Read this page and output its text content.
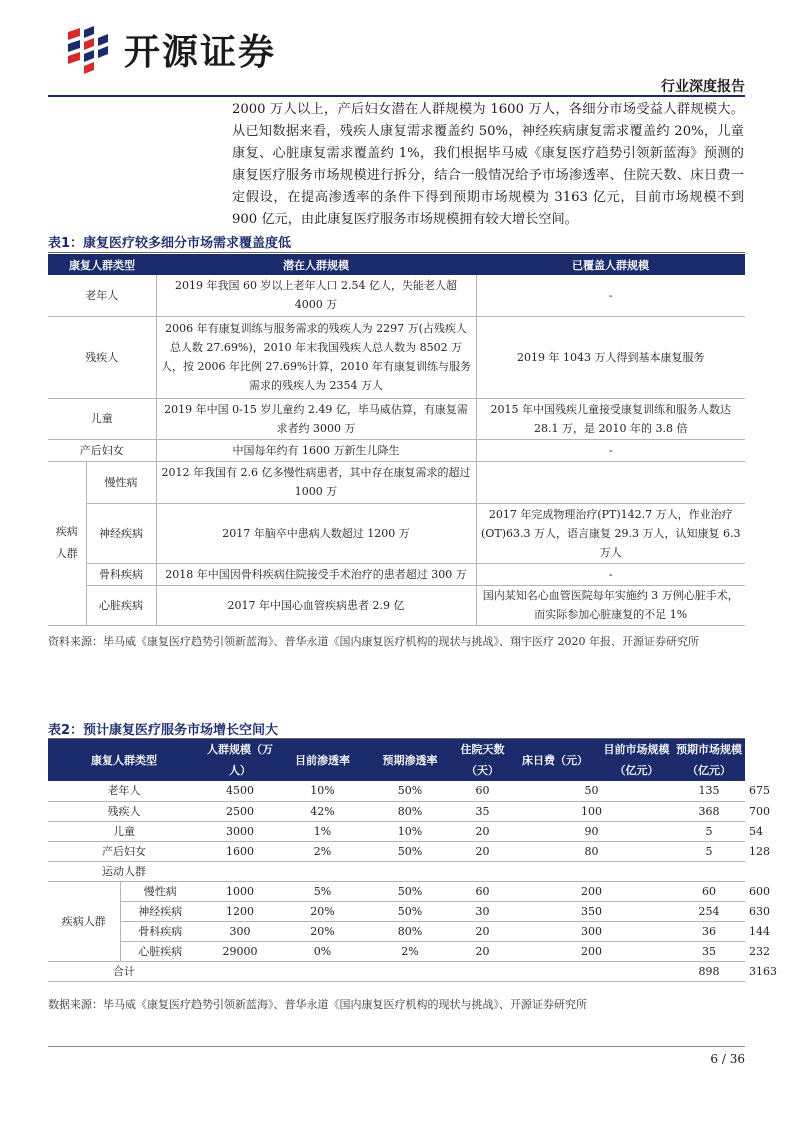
开源证券
行业深度报告

2000 万人以上，产后妇女潜在人群规模为 1600 万人，各细分市场受益人群规模大。从已知数据来看，残疾人康复需求覆盖约 50%，神经疾病康复需求覆盖约 20%，儿童康复、心脏康复需求覆盖约 1%，我们根据毕马威《康复医疗趋势引领新蓝海》预测的康复医疗服务市场规模进行拆分，结合一般情况给予市场渗透率、住院天数、床日费一定假设，在提高渗透率的条件下得到预期市场规模为 3163 亿元，目前市场规模不到 900 亿元，由此康复医疗服务市场规模拥有较大增长空间。

表1：康复医疗较多细分市场需求覆盖度低
康复人群类型		潜在人群规模	已覆盖人群规模
老年人		2019 年我国 60 岁以上老年人口 2.54 亿人，失能老人超 4000 万	-
残疾人		2006 年有康复训练与服务需求的残疾人为 2297 万(占残疾人总人数 27.69%)，2010 年末我国残疾人总人数为 8502 万人，按 2006 年比例 27.69%计算，2010 年有康复训练与服务需求的残疾人为 2354 万人	2019 年 1043 万人得到基本康复服务
儿童		2019 年中国 0-15 岁儿童约 2.49 亿，毕马威估算，有康复需求者约 3000 万	2015 年中国残疾儿童接受康复训练和服务人数达 28.1 万，是 2010 年的 3.8 倍
产后妇女		中国每年约有 1600 万新生儿降生	-
疾病人群	慢性病	2012 年我国有 2.6 亿多慢性病患者，其中存在康复需求的超过 1000 万	
	神经疾病	2017 年脑卒中患病人数超过 1200 万	2017 年完成物理治疗(PT)142.7 万人，作业治疗(OT)63.3 万人，语言康复 29.3 万人，认知康复 6.3 万人
	骨科疾病	2018 年中国因骨科疾病住院接受手术治疗的患者超过 300 万	-
	心脏疾病	2017 年中国心血管疾病患者 2.9 亿	国内某知名心血管医院每年实施约 3 万例心脏手术，而实际参加心脏康复的不足 1%
资料来源：毕马威《康复医疗趋势引领新蓝海》、普华永道《国内康复医疗机构的现状与挑战》、翔宇医疗 2020 年报、开源证券研究所
表2：预计康复医疗服务市场增长空间大
康复人群类型		人群规模（万人）	目前渗透率	预期渗透率	住院天数（天）	床日费（元）	目前市场规模（亿元）	预期市场规模（亿元）	
老年人		4500	10%	50%	60	50		135	675
残疾人		2500	42%	80%	35	100		368	700
儿童		3000	1%	10%	20	90		5	54
产后妇女		1600	2%	50%	20	80		5	128
运动人群									
疾病人群	慢性病	1000	5%	50%	60	200		60	600
	神经疾病	1200	20%	50%	30	350		254	630
	骨科疾病	300	20%	80%	20	300		36	144
	心脏疾病	29000	0%	2%	20	200		35	232
合计								898	3163
数据来源：毕马威《康复医疗趋势引领新蓝海》、普华永道《国内康复医疗机构的现状与挑战》、开源证券研究所
6 / 36
